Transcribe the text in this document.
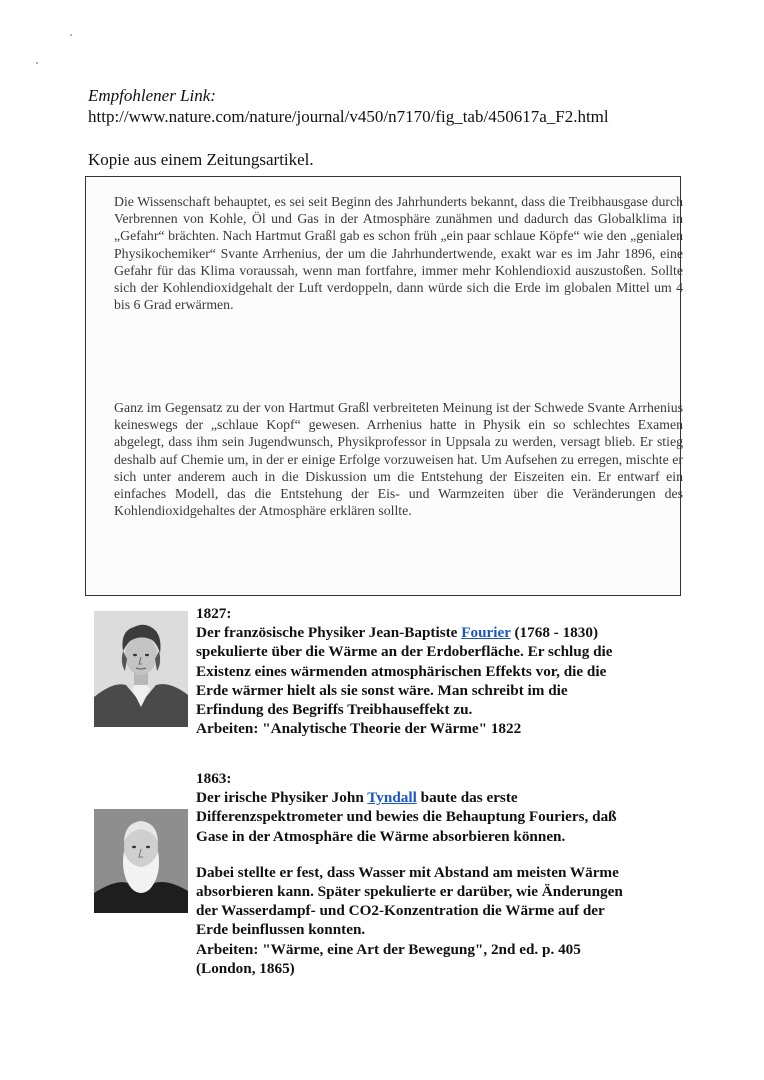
Empfohlener Link:
http://www.nature.com/nature/journal/v450/n7170/fig_tab/450617a_F2.html
Kopie aus einem Zeitungsartikel.
Die Wissenschaft behauptet, es sei seit Beginn des Jahrhunderts bekannt, dass die Treibhausgase durch Verbrennen von Kohle, Öl und Gas in der Atmosphäre zunähmen und dadurch das Globalklima in „Gefahr“ brächten. Nach Hartmut Graßl gab es schon früh „ein paar schlaue Köpfe“ wie den „genialen Physikochemiker“ Svante Arrhenius, der um die Jahrhundertwende, exakt war es im Jahr 1896, eine Gefahr für das Klima voraussah, wenn man fortfahre, immer mehr Kohlendioxid auszustoßen. Sollte sich der Kohlendioxidgehalt der Luft verdoppeln, dann würde sich die Erde im globalen Mittel um 4 bis 6 Grad erwärmen.
Ganz im Gegensatz zu der von Hartmut Graßl verbreiteten Meinung ist der Schwede Svante Arrhenius keineswegs der „schlaue Kopf“ gewesen. Arrhenius hatte in Physik ein so schlechtes Examen abgelegt, dass ihm sein Jugendwunsch, Physikprofessor in Uppsala zu werden, versagt blieb. Er stieg deshalb auf Chemie um, in der er einige Erfolge vorzuweisen hat. Um Aufsehen zu erregen, mischte er sich unter anderem auch in die Diskussion um die Entstehung der Eiszeiten ein. Er entwarf ein einfaches Modell, das die Entstehung der Eis- und Warmzeiten über die Veränderungen des Kohlendioxidgehaltes der Atmosphäre erklären sollte.
1827:
Der französische Physiker Jean-Baptiste Fourier (1768 - 1830)
spekulierte über die Wärme an der Erdoberfläche. Er schlug die
Existenz eines wärmenden atmosphärischen Effekts vor, die die
Erde wärmer hielt als sie sonst wäre. Man schreibt im die
Erfindung des Begriffs Treibhauseffekt zu.
Arbeiten: "Analytische Theorie der Wärme" 1822
1863:
Der irische Physiker John Tyndall baute das erste
Differenzspektrometer und bewies die Behauptung Fouriers, daß
Gase in der Atmosphäre die Wärme absorbieren können.
Dabei stellte er fest, dass Wasser mit Abstand am meisten Wärme
absorbieren kann. Später spekulierte er darüber, wie Änderungen
der Wasserdampf- und CO2-Konzentration die Wärme auf der
Erde beinflussen konnten.
Arbeiten: "Wärme, eine Art der Bewegung", 2nd ed. p. 405
(London, 1865)
